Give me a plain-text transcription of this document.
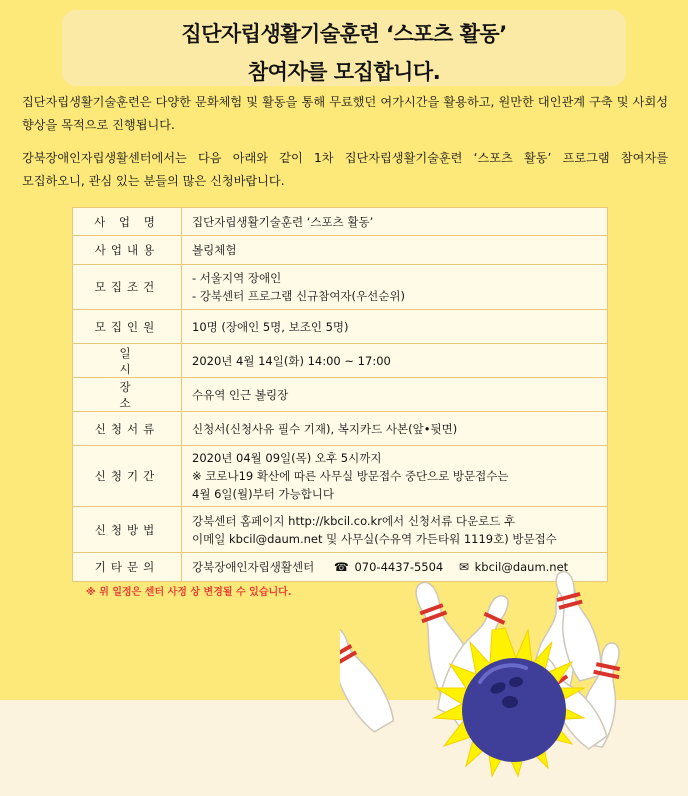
집단자립생활기술훈련 ‘스포츠 활동’
참여자를 모집합니다.
집단자립생활기술훈련은 다양한 문화체험 및 활동을 통해 무료했던 여가시간을 활용하고, 원만한 대인관계 구축 및 사회성 향상을 목적으로 진행됩니다.
강북장애인자립생활센터에서는 다음 아래와 같이 1차 집단자립생활기술훈련 ‘스포츠 활동’ 프로그램 참여자를 모집하오니, 관심 있는 분들의 많은 신청바랍니다.
사 업 명	집단자립생활기술훈련 ‘스포츠 활동’
사업내용	볼링체험
모집조건	- 서울지역 장애인
- 강북센터 프로그램 신규참여자(우선순위)

모집인원	10명 (장애인 5명, 보조인 5명)
일 시	2020년 4월 14일(화) 14:00 ~ 17:00
장 소	수유역 인근 볼링장
신청서류	신청서(신청사유 필수 기재), 복지카드 사본(앞•뒷면)
신청기간	2020년 04월 09일(목) 오후 5시까지
※ 코로나19 확산에 따른 사무실 방문접수 중단으로 방문접수는
4월 6일(월)부터 가능합니다

신청방법	강북센터 홈페이지 http://kbcil.co.kr에서 신청서류 다운로드 후
이메일 kbcil@daum.net 및 사무실(수유역 가든타워 1119호) 방문접수

기타문의	강북장애인자립생활센터 ☎ 070-4437-5504 ✉ kbcil@daum.net
※ 위 일정은 센터 사정 상 변경될 수 있습니다.
